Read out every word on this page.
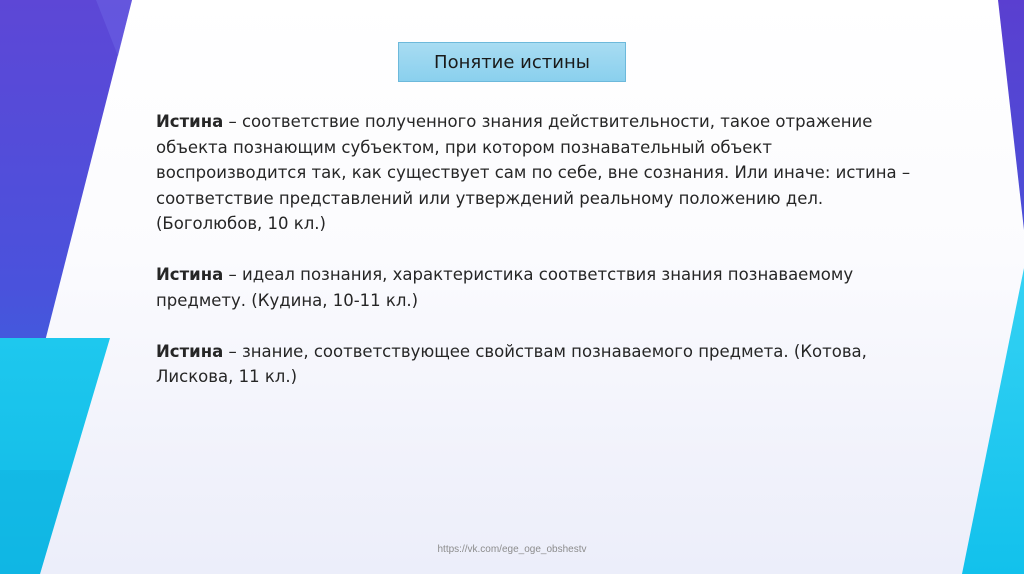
Понятие истины

Истина – соответствие полученного знания действительности, такое отражение объекта познающим субъектом, при котором познавательный объект воспроизводится так, как существует сам по себе, вне сознания. Или иначе: истина – соответствие представлений или утверждений реальному положению дел. (Боголюбов, 10 кл.)

Истина – идеал познания, характеристика соответствия знания познаваемому предмету. (Кудина, 10-11 кл.)

Истина – знание, соответствующее свойствам познаваемого предмета. (Котова, Лискова, 11 кл.)

https://vk.com/ege_oge_obshestv
